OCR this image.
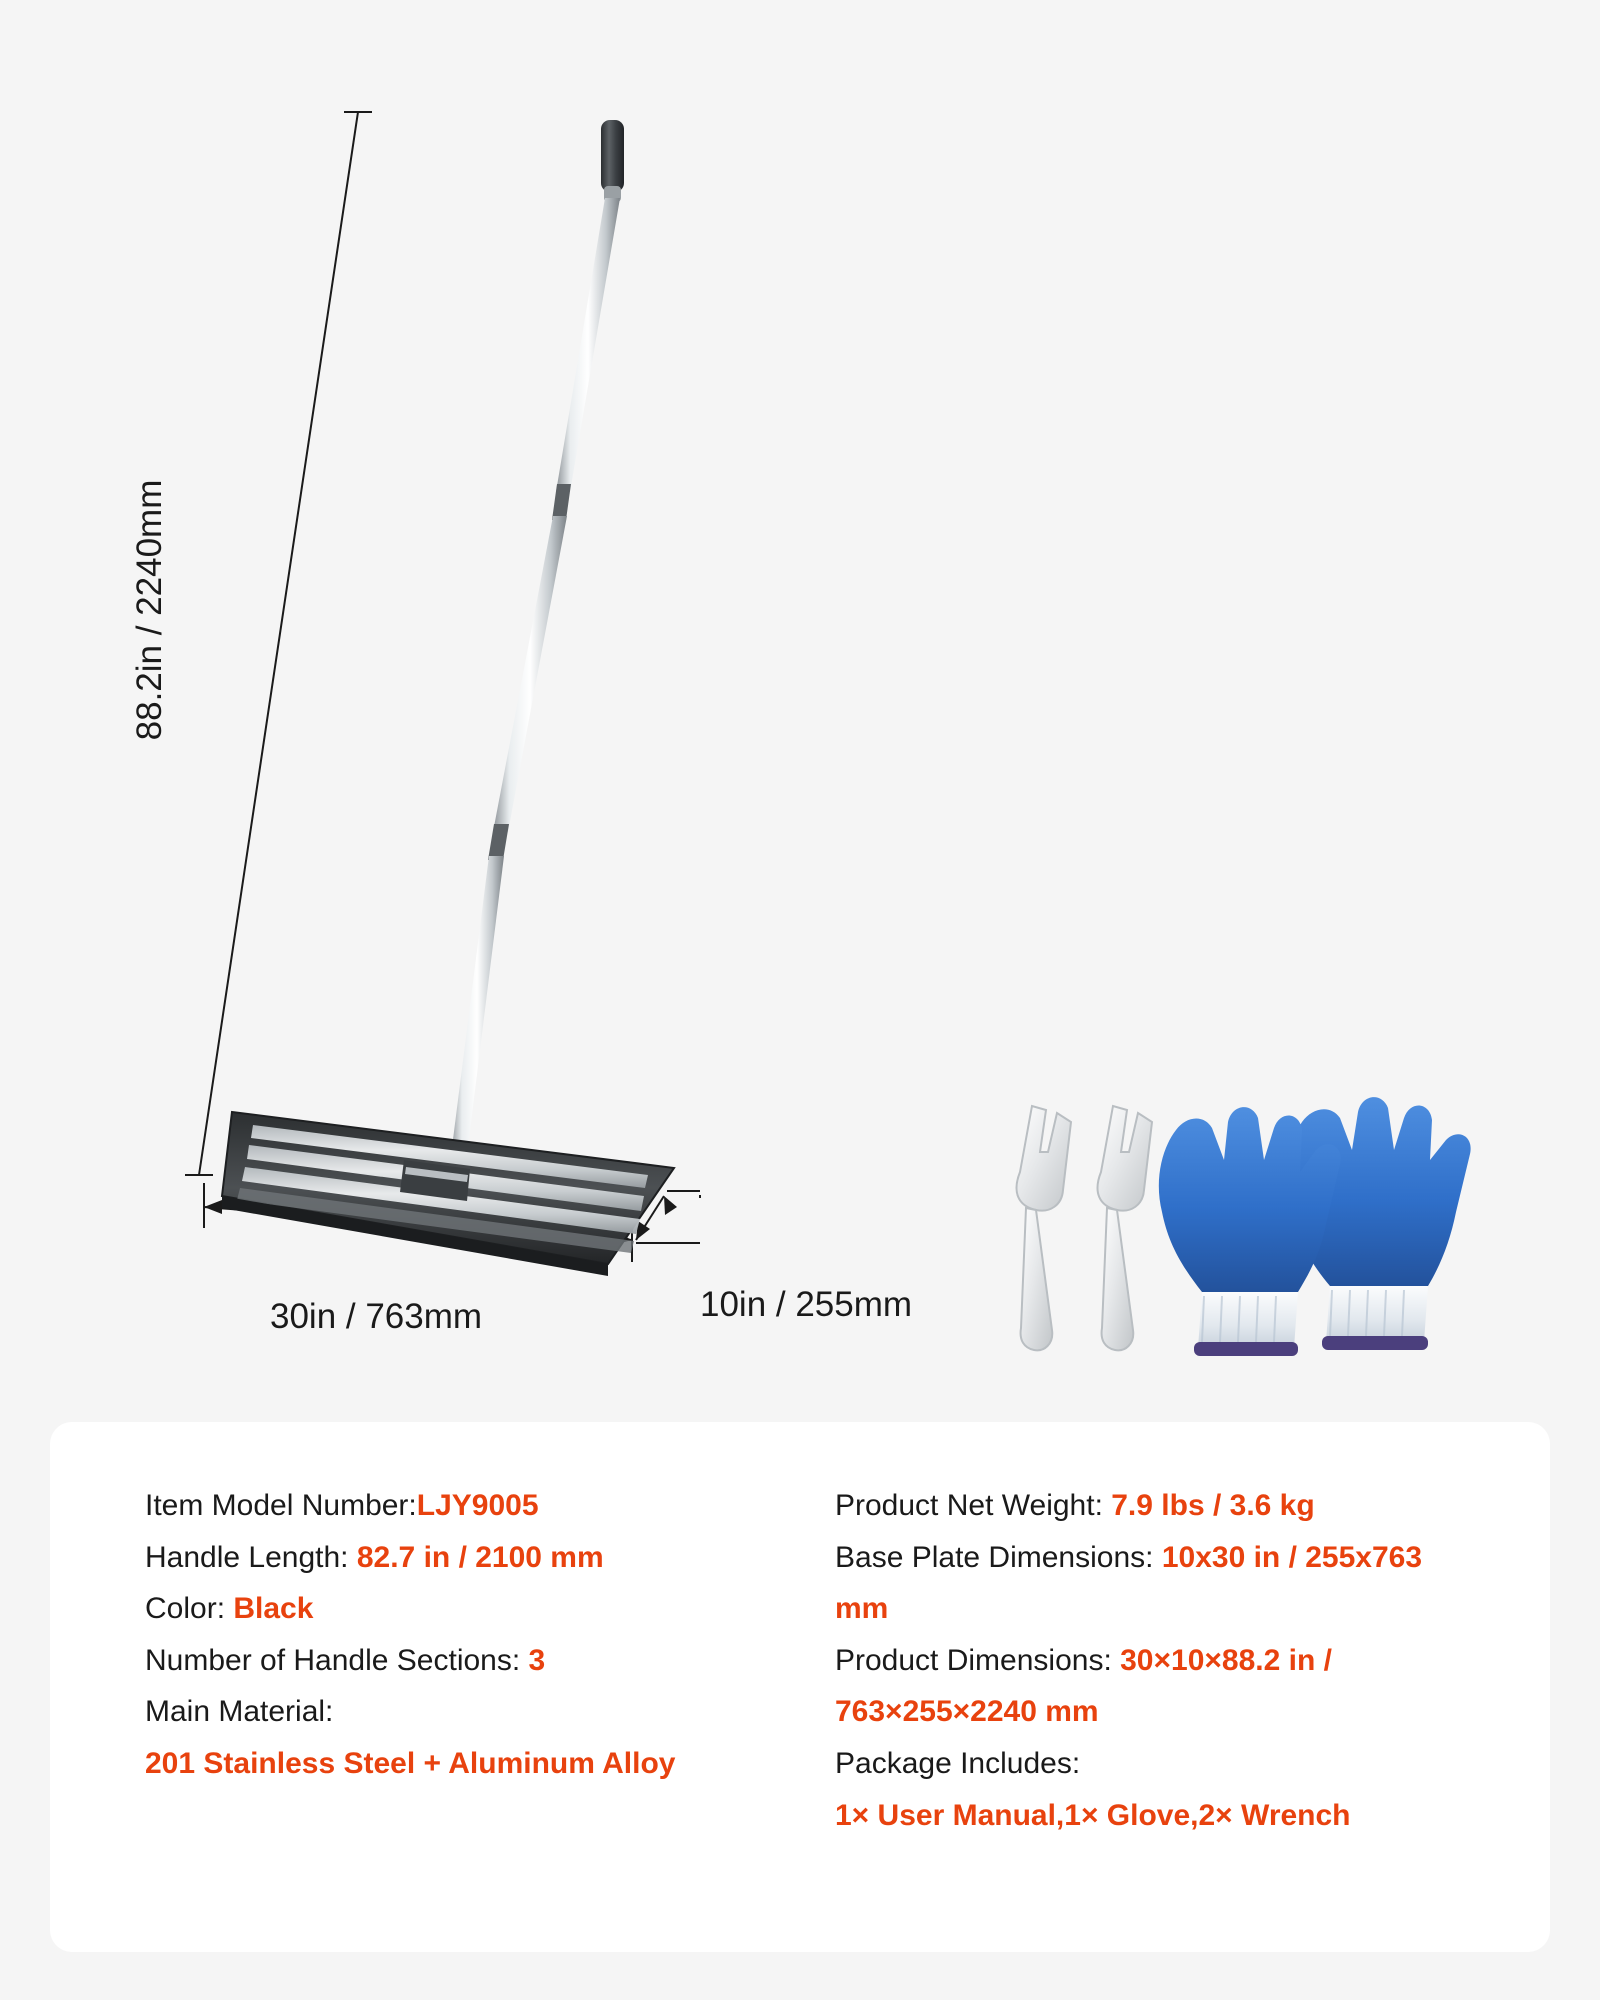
88.2in / 2240mm
30in / 763mm	10in / 255mm
Item Model Number:LJY9005
Handle Length: 82.7 in / 2100 mm
Color: Black
Number of Handle Sections: 3
Main Material:
201 Stainless Steel + Aluminum Alloy
Product Net Weight: 7.9 lbs / 3.6 kg
Base Plate Dimensions: 10x30 in / 255x763 mm
Product Dimensions: 30×10×88.2 in / 763×255×2240 mm
Package Includes:
1× User Manual,1× Glove,2× Wrench
